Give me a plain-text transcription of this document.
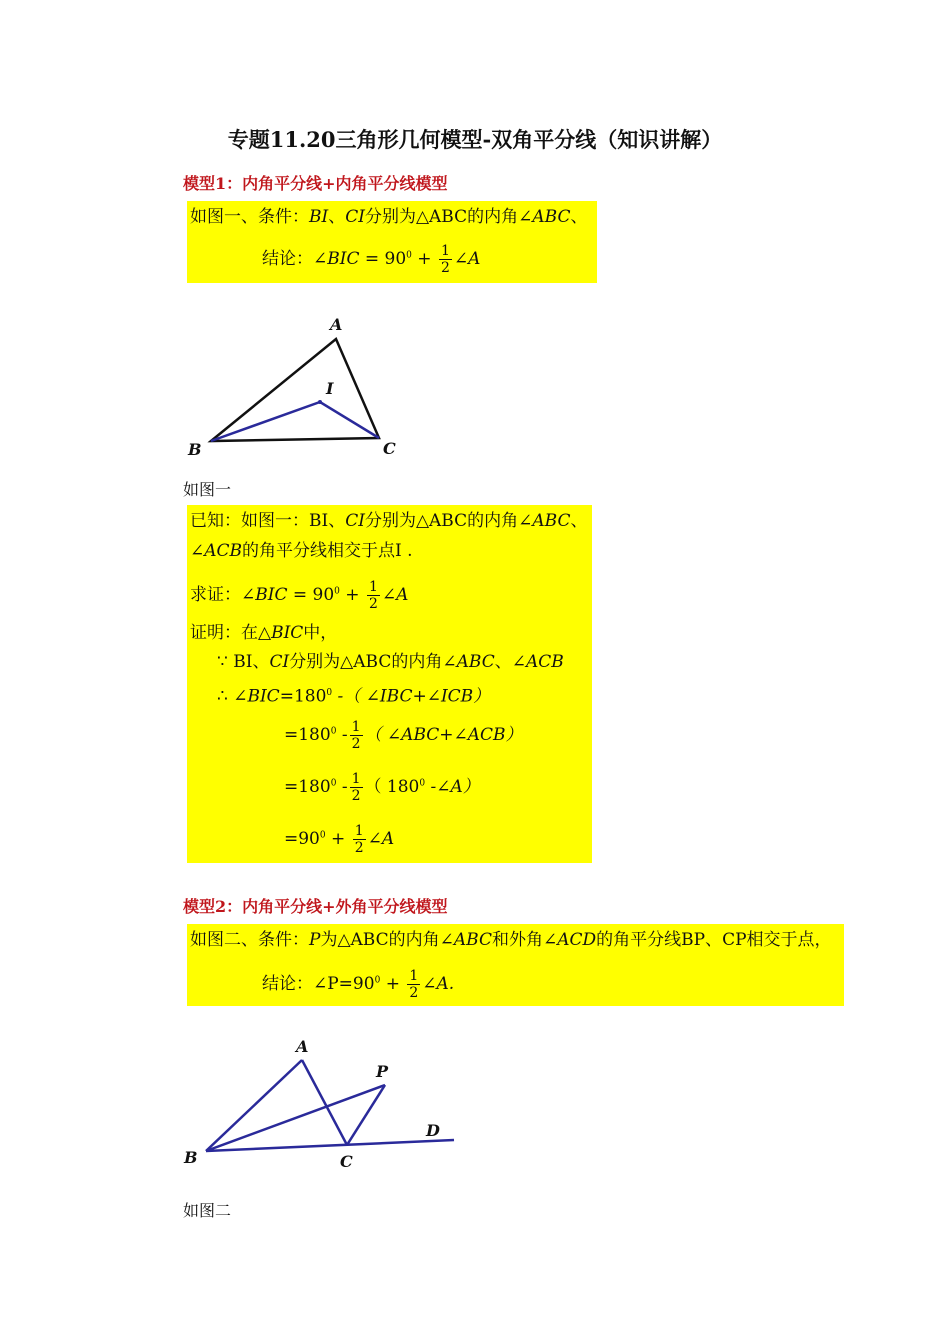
专题11.20三角形几何模型-双角平分线（知识讲解）
模型1：内角平分线+内角平分线模型
如图一、条件：BI、CI分别为△ABC的内角∠ABC、
结论：∠BIC = $90^0 + \frac{1}{2}$ ∠A
A
I
B	C
如图一
已知：如图一：BI、CI分别为△ABC的内角∠ABC、
∠ACB的角平分线相交于点I .
求证：∠BIC = $90^0 + \frac{1}{2}$ ∠A
证明：在△BIC中，
∵ BI、CI分别为△ABC的内角∠ABC、∠ACB
∴ $\angle BIC=180^0$ -（ ∠IBC+∠ICB）
$=180^0 - \frac{1}{2}$ （ ∠ABC+∠ACB）
$=180^0 - \frac{1}{2}$ （ $180^0$ -∠A）
$=90^0 + \frac{1}{2}$ ∠A
模型2：内角平分线+外角平分线模型
如图二、条件：P为△ABC的内角∠ABC和外角∠ACD的角平分线BP、CP相交于点，
结论：$\angle P=90^0 + \frac{1}{2}$ ∠A.
A
P
D
B	C
如图二
